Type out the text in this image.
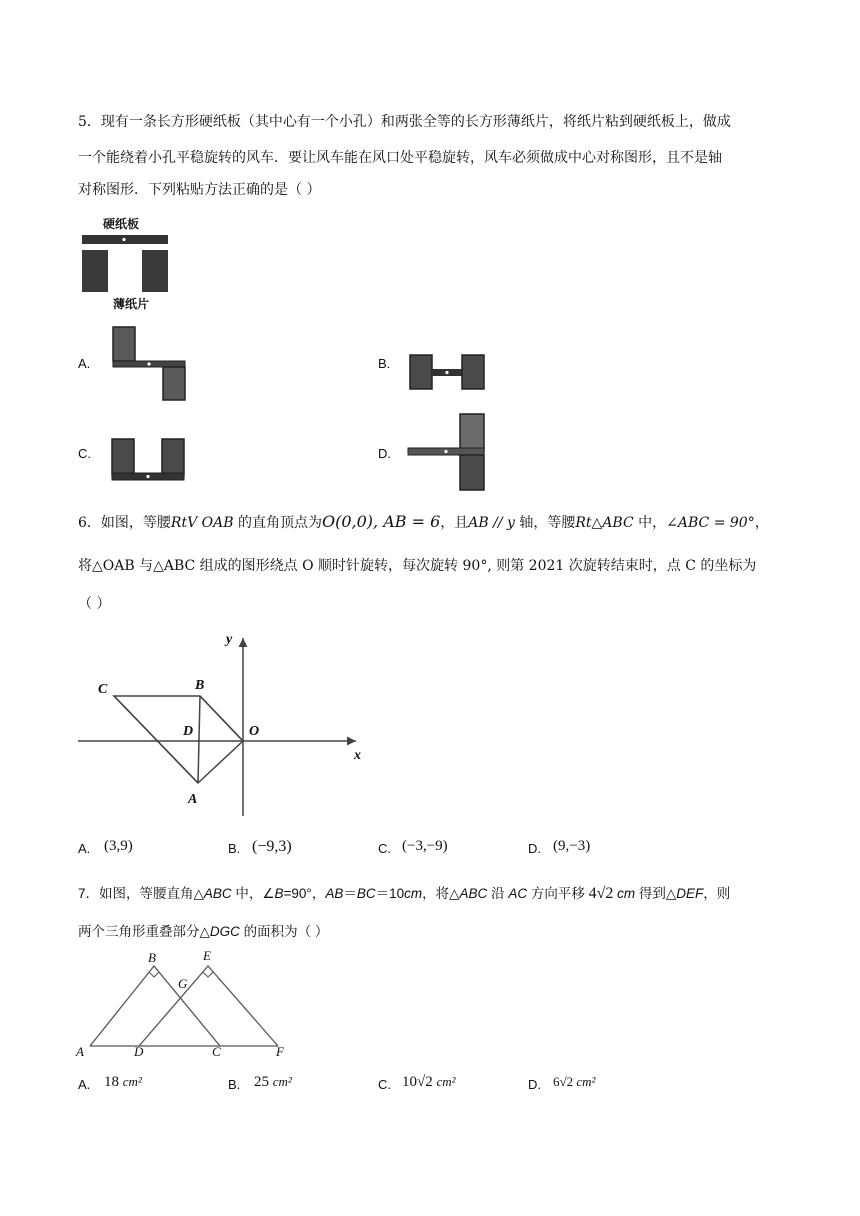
5．现有一条长方形硬纸板（其中心有一个小孔）和两张全等的长方形薄纸片，将纸片粘到硬纸板上，做成
一个能绕着小孔平稳旋转的风车．要让风车能在风口处平稳旋转，风车必须做成中心对称图形，且不是轴
对称图形．下列粘贴方法正确的是（ ）
硬纸板
薄纸片
A.	B.
C.	D.
6．如图，等腰RtV OAB 的直角顶点为O(0,0), AB = 6，且AB // y 轴，等腰Rt△ABC 中，∠ABC = 90°，
将△OAB 与△ABC 组成的图形绕点 O 顺时针旋转，每次旋转 90°, 则第 2021 次旋转结束时，点 C 的坐标为
（ ）
y
x
C	B
D	O
A
A. (3,9)	B. (−9,3)	C. (−3,−9)	D. (9,−3)
7．如图，等腰直角△ABC 中，∠B=90°，AB＝BC＝10cm，将△ABC 沿 AC 方向平移 4√2 cm 得到△DEF，则
两个三角形重叠部分△DGC 的面积为（ ）
B	E
G
A	D	C	F
A. 18 cm²	B. 25 cm²	C. 10√2 cm²	D. 6√2 cm²
